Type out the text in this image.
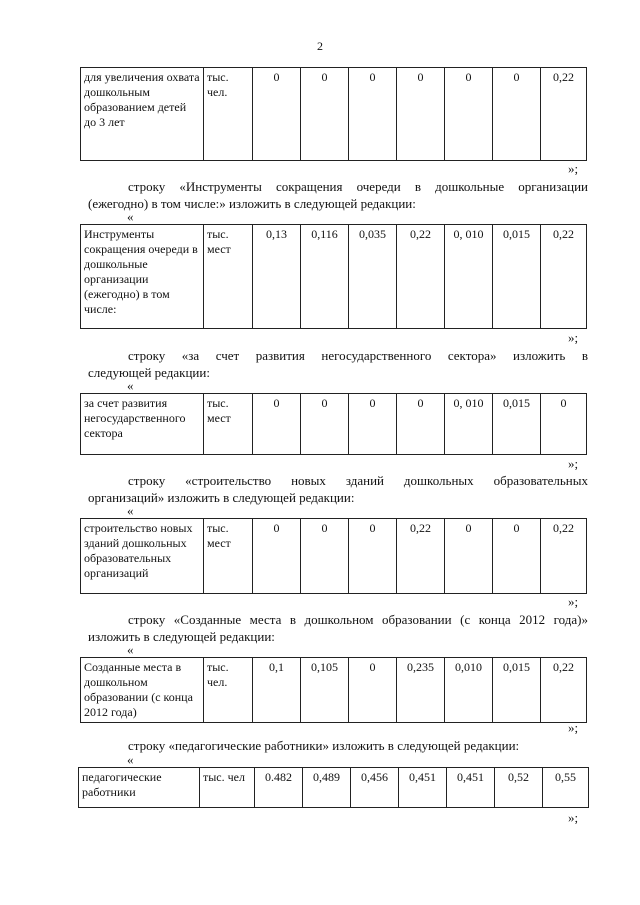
2
для увеличения охвата дошкольным образованием детей до 3 лет	тыс. чел.	0	0	0	0	0	0	0,22
»;
строку «Инструменты сокращения очереди в дошкольные организации
(ежегодно) в том числе:» изложить в следующей редакции:
«
Инструменты сокращения очереди в дошкольные организации (ежегодно) в том числе:	тыс. мест	0,13	0,116	0,035	0,22	0, 010	0,015	0,22
»;
строку «за счет развития негосударственного сектора» изложить в
следующей редакции:
«
за счет развития негосударственного сектора	тыс. мест	0	0	0	0	0, 010	0,015	0
»;
строку «строительство новых зданий дошкольных образовательных
организаций» изложить в следующей редакции:
«
строительство новых зданий дошкольных образовательных организаций	тыс. мест	0	0	0	0,22	0	0	0,22
»;
строку «Созданные места в дошкольном образовании (с конца 2012 года)»
изложить в следующей редакции:
«
Созданные места в дошкольном образовании (с конца 2012 года)	тыс. чел.	0,1	0,105	0	0,235	0,010	0,015	0,22
»;
строку «педагогические работники» изложить в следующей редакции:
«
педагогические работники	тыс. чел	0.482	0,489	0,456	0,451	0,451	0,52	0,55
»;
